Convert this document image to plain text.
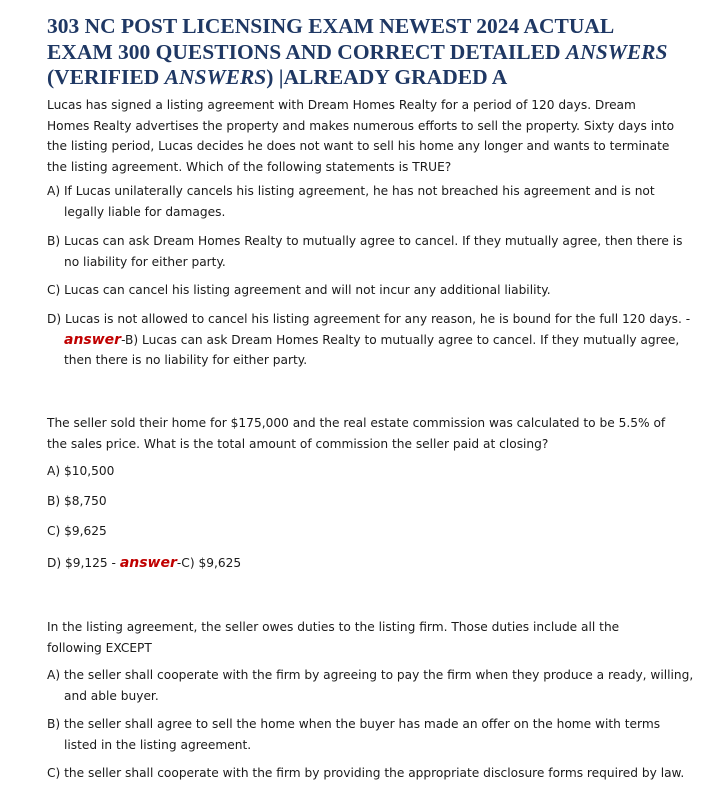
303 NC POST LICENSING EXAM NEWEST 2024 ACTUAL
EXAM 300 QUESTIONS AND CORRECT DETAILED ANSWERS
(VERIFIED ANSWERS) |ALREADY GRADED A
Lucas has signed a listing agreement with Dream Homes Realty for a period of 120 days. Dream Homes Realty advertises the property and makes numerous efforts to sell the property. Sixty days into the listing period, Lucas decides he does not want to sell his home any longer and wants to terminate the listing agreement. Which of the following statements is TRUE?
A) If Lucas unilaterally cancels his listing agreement, he has not breached his agreement and is not legally liable for damages.
B) Lucas can ask Dream Homes Realty to mutually agree to cancel. If they mutually agree, then there is no liability for either party.
C) Lucas can cancel his listing agreement and will not incur any additional liability.
D) Lucas is not allowed to cancel his listing agreement for any reason, he is bound for the full 120 days. -
answer-B) Lucas can ask Dream Homes Realty to mutually agree to cancel. If they mutually agree, then there is no liability for either party.
The seller sold their home for $175,000 and the real estate commission was calculated to be 5.5% of the sales price. What is the total amount of commission the seller paid at closing?
A) $10,500
B) $8,750
C) $9,625
D) $9,125 - answer-C) $9,625
In the listing agreement, the seller owes duties to the listing firm. Those duties include all the following EXCEPT
A) the seller shall cooperate with the firm by agreeing to pay the firm when they produce a ready, willing, and able buyer.
B) the seller shall agree to sell the home when the buyer has made an offer on the home with terms listed in the listing agreement.
C) the seller shall cooperate with the firm by providing the appropriate disclosure forms required by law.
